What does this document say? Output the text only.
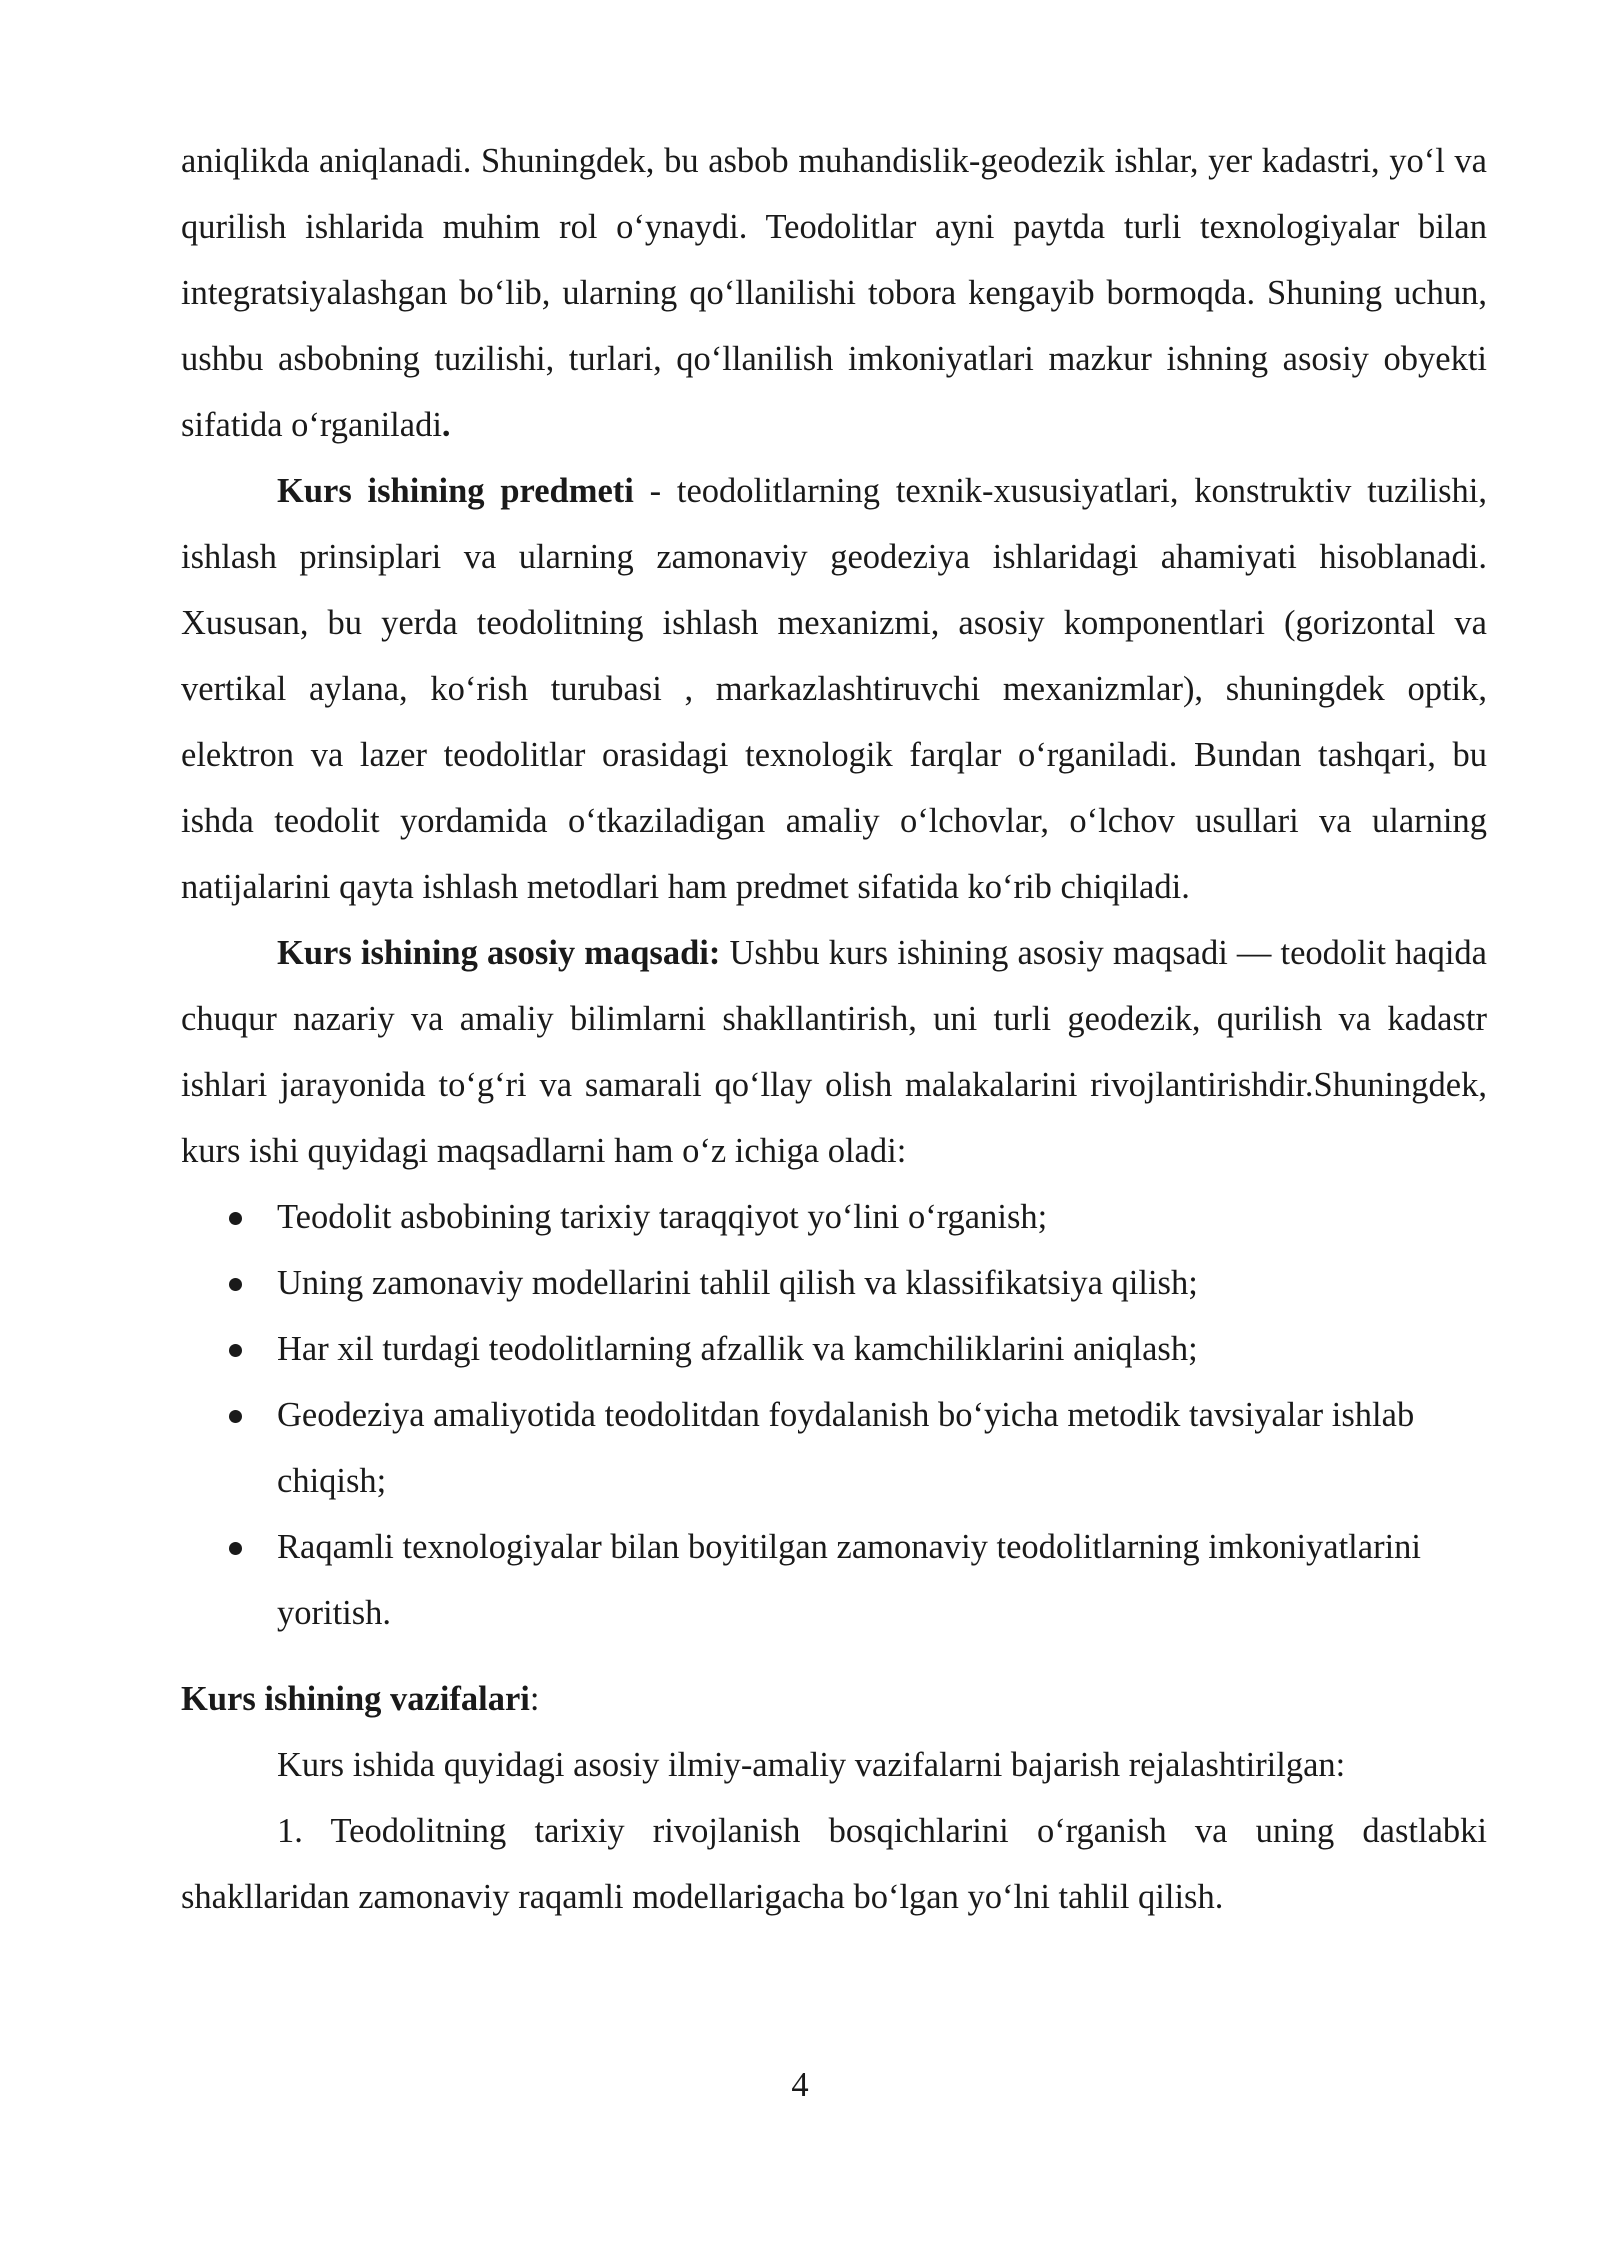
aniqlikda aniqlanadi. Shuningdek, bu asbob muhandislik-geodezik ishlar, yer kadastri, yo‘l va qurilish ishlarida muhim rol o‘ynaydi. Teodolitlar ayni paytda turli texnologiyalar bilan integratsiyalashgan bo‘lib, ularning qo‘llanilishi tobora kengayib bormoqda. Shuning uchun, ushbu asbobning tuzilishi, turlari, qo‘llanilish imkoniyatlari mazkur ishning asosiy obyekti sifatida o‘rganiladi.

Kurs ishining predmeti - teodolitlarning texnik-xususiyatlari, konstruktiv tuzilishi, ishlash prinsiplari va ularning zamonaviy geodeziya ishlaridagi ahamiyati hisoblanadi. Xususan, bu yerda teodolitning ishlash mexanizmi, asosiy komponentlari (gorizontal va vertikal aylana, ko‘rish turubasi , markazlashtiruvchi mexanizmlar), shuningdek optik, elektron va lazer teodolitlar orasidagi texnologik farqlar o‘rganiladi. Bundan tashqari, bu ishda teodolit yordamida o‘tkaziladigan amaliy o‘lchovlar, o‘lchov usullari va ularning natijalarini qayta ishlash metodlari ham predmet sifatida ko‘rib chiqiladi.

Kurs ishining asosiy maqsadi: Ushbu kurs ishining asosiy maqsadi — teodolit haqida chuqur nazariy va amaliy bilimlarni shakllantirish, uni turli geodezik, qurilish va kadastr ishlari jarayonida to‘g‘ri va samarali qo‘llay olish malakalarini rivojlantirishdir.Shuningdek, kurs ishi quyidagi maqsadlarni ham o‘z ichiga oladi:

Teodolit asbobining tarixiy taraqqiyot yo‘lini o‘rganish;
Uning zamonaviy modellarini tahlil qilish va klassifikatsiya qilish;
Har xil turdagi teodolitlarning afzallik va kamchiliklarini aniqlash;
Geodeziya amaliyotida teodolitdan foydalanish bo‘yicha metodik tavsiyalar ishlab chiqish;
Raqamli texnologiyalar bilan boyitilgan zamonaviy teodolitlarning imkoniyatlarini yoritish.

Kurs ishining vazifalari:

Kurs ishida quyidagi asosiy ilmiy-amaliy vazifalarni bajarish rejalashtirilgan:

1. Teodolitning tarixiy rivojlanish bosqichlarini o‘rganish va uning dastlabki shakllaridan zamonaviy raqamli modellarigacha bo‘lgan yo‘lni tahlil qilish.

4
